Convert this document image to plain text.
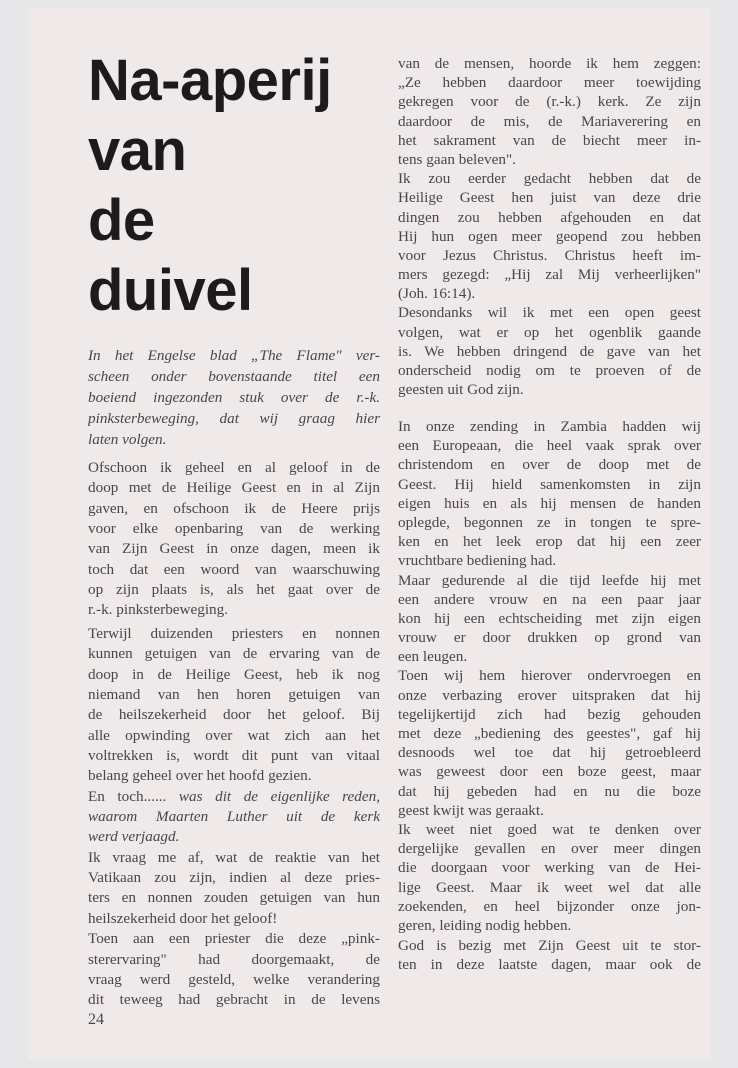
Na-aperij
van
de
duivel
In het Engelse blad „The Flame" ver-
scheen onder bovenstaande titel een
boeiend ingezonden stuk over de r.-k.
pinksterbeweging, dat wij graag hier
laten volgen.
Ofschoon ik geheel en al geloof in de
doop met de Heilige Geest en in al Zijn
gaven, en ofschoon ik de Heere prijs
voor elke openbaring van de werking
van Zijn Geest in onze dagen, meen ik
toch dat een woord van waarschuwing
op zijn plaats is, als het gaat over de
r.-k. pinksterbeweging.
Terwijl duizenden priesters en nonnen
kunnen getuigen van de ervaring van de
doop in de Heilige Geest, heb ik nog
niemand van hen horen getuigen van
de heilszekerheid door het geloof. Bij
alle opwinding over wat zich aan het
voltrekken is, wordt dit punt van vitaal
belang geheel over het hoofd gezien.
En toch...... was dit de eigenlijke reden,
waarom Maarten Luther uit de kerk
werd verjaagd.
Ik vraag me af, wat de reaktie van het
Vatikaan zou zijn, indien al deze pries-
ters en nonnen zouden getuigen van hun
heilszekerheid door het geloof!
Toen aan een priester die deze „pink-
sterervaring" had doorgemaakt, de
vraag werd gesteld, welke verandering
dit teweeg had gebracht in de levens
van de mensen, hoorde ik hem zeggen:
„Ze hebben daardoor meer toewijding
gekregen voor de (r.-k.) kerk. Ze zijn
daardoor de mis, de Mariaverering en
het sakrament van de biecht meer in-
tens gaan beleven".
Ik zou eerder gedacht hebben dat de
Heilige Geest hen juist van deze drie
dingen zou hebben afgehouden en dat
Hij hun ogen meer geopend zou hebben
voor Jezus Christus. Christus heeft im-
mers gezegd: „Hij zal Mij verheerlijken"
(Joh. 16:14).
Desondanks wil ik met een open geest
volgen, wat er op het ogenblik gaande
is. We hebben dringend de gave van het
onderscheid nodig om te proeven of de
geesten uit God zijn.
In onze zending in Zambia hadden wij
een Europeaan, die heel vaak sprak over
christendom en over de doop met de
Geest. Hij hield samenkomsten in zijn
eigen huis en als hij mensen de handen
oplegde, begonnen ze in tongen te spre-
ken en het leek erop dat hij een zeer
vruchtbare bediening had.
Maar gedurende al die tijd leefde hij met
een andere vrouw en na een paar jaar
kon hij een echtscheiding met zijn eigen
vrouw er door drukken op grond van
een leugen.
Toen wij hem hierover ondervroegen en
onze verbazing erover uitspraken dat hij
tegelijkertijd zich had bezig gehouden
met deze „bediening des geestes", gaf hij
desnoods wel toe dat hij getroebleerd
was geweest door een boze geest, maar
dat hij gebeden had en nu die boze
geest kwijt was geraakt.
Ik weet niet goed wat te denken over
dergelijke gevallen en over meer dingen
die doorgaan voor werking van de Hei-
lige Geest. Maar ik weet wel dat alle
zoekenden, en heel bijzonder onze jon-
geren, leiding nodig hebben.
God is bezig met Zijn Geest uit te stor-
ten in deze laatste dagen, maar ook de
24
